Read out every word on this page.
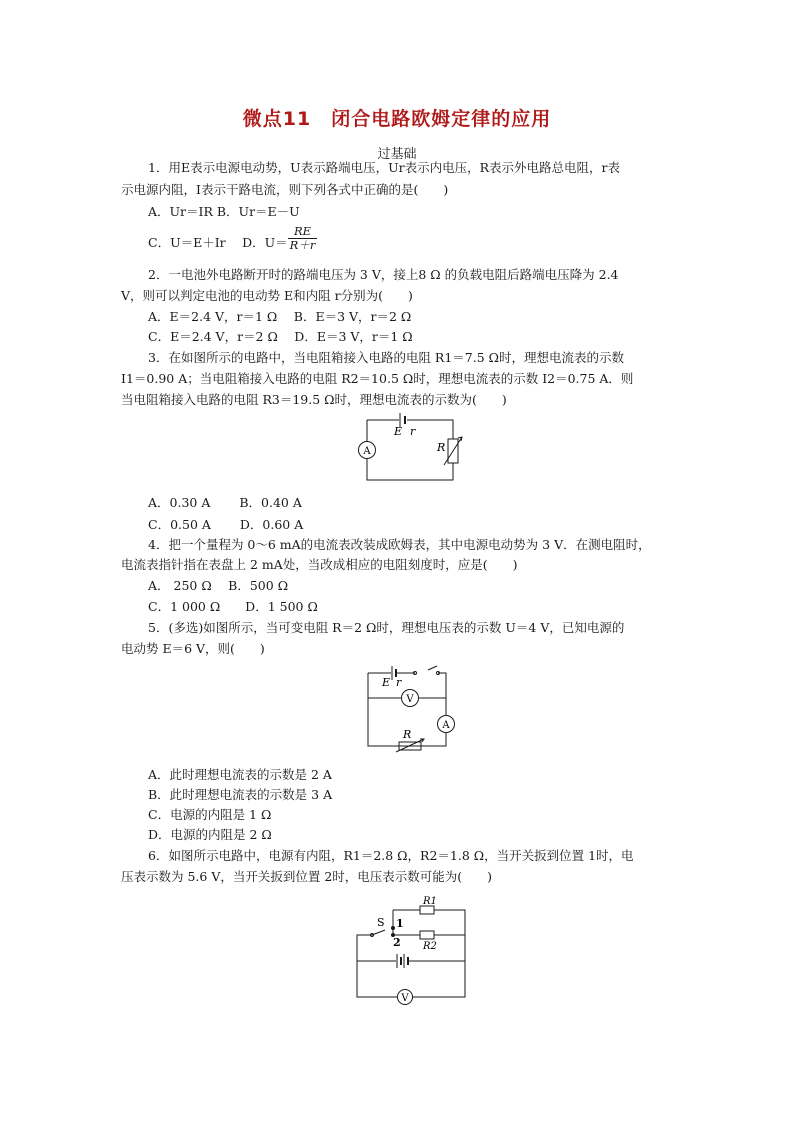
微点11　闭合电路欧姆定律的应用
过基础
1．用E表示电源电动势，U表示路端电压，Ur表示内电压，R表示外电路总电阻，r表
示电源内阻，I表示干路电流，则下列各式中正确的是(　　)
A．Ur＝IR B．Ur＝E－U
C．U＝E＋Ir　 D．$U= \frac{RE}{R+r}$
2．一电池外电路断开时的路端电压为 3 V，接上8 Ω 的负载电阻后路端电压降为 2.4
V，则可以判定电池的电动势 E和内阻 r分别为(　　)
A．E＝2.4 V，r＝1 Ω　 B．E＝3 V，r＝2 Ω
C．E＝2.4 V，r＝2 Ω　 D．E＝3 V，r＝1 Ω
3．在如图所示的电路中，当电阻箱接入电路的电阻 R1＝7.5 Ω时，理想电流表的示数
I1＝0.90 A；当电阻箱接入电路的电阻 R2＝10.5 Ω时，理想电流表的示数 I2＝0.75 A．则
当电阻箱接入电路的电阻 R3＝19.5 Ω时，理想电流表的示数为(　　)
A
E r
R
A．0.30 A　　 B．0.40 A
C．0.50 A　　 D．0.60 A
4．把一个量程为 0～6 mA的电流表改装成欧姆表，其中电源电动势为 3 V．在测电阻时，
电流表指针指在表盘上 2 mA处，当改成相应的电阻刻度时，应是(　　)
A． 250 Ω　 B．500 Ω
C．1 000 Ω　　D．1 500 Ω
5．(多选)如图所示，当可变电阻 R＝2 Ω时，理想电压表的示数 U＝4 V，已知电源的
电动势 E＝6 V，则(　　)
V
A
E r
R
A．此时理想电流表的示数是 2 A
B．此时理想电流表的示数是 3 A
C．电源的内阻是 1 Ω
D．电源的内阻是 2 Ω
6．如图所示电路中，电源有内阻，R1＝2.8 Ω，R2＝1.8 Ω，当开关扳到位置 1时，电
压表示数为 5.6 V，当开关扳到位置 2时，电压表示数可能为(　　)
S 1
2
R1
R2
V
